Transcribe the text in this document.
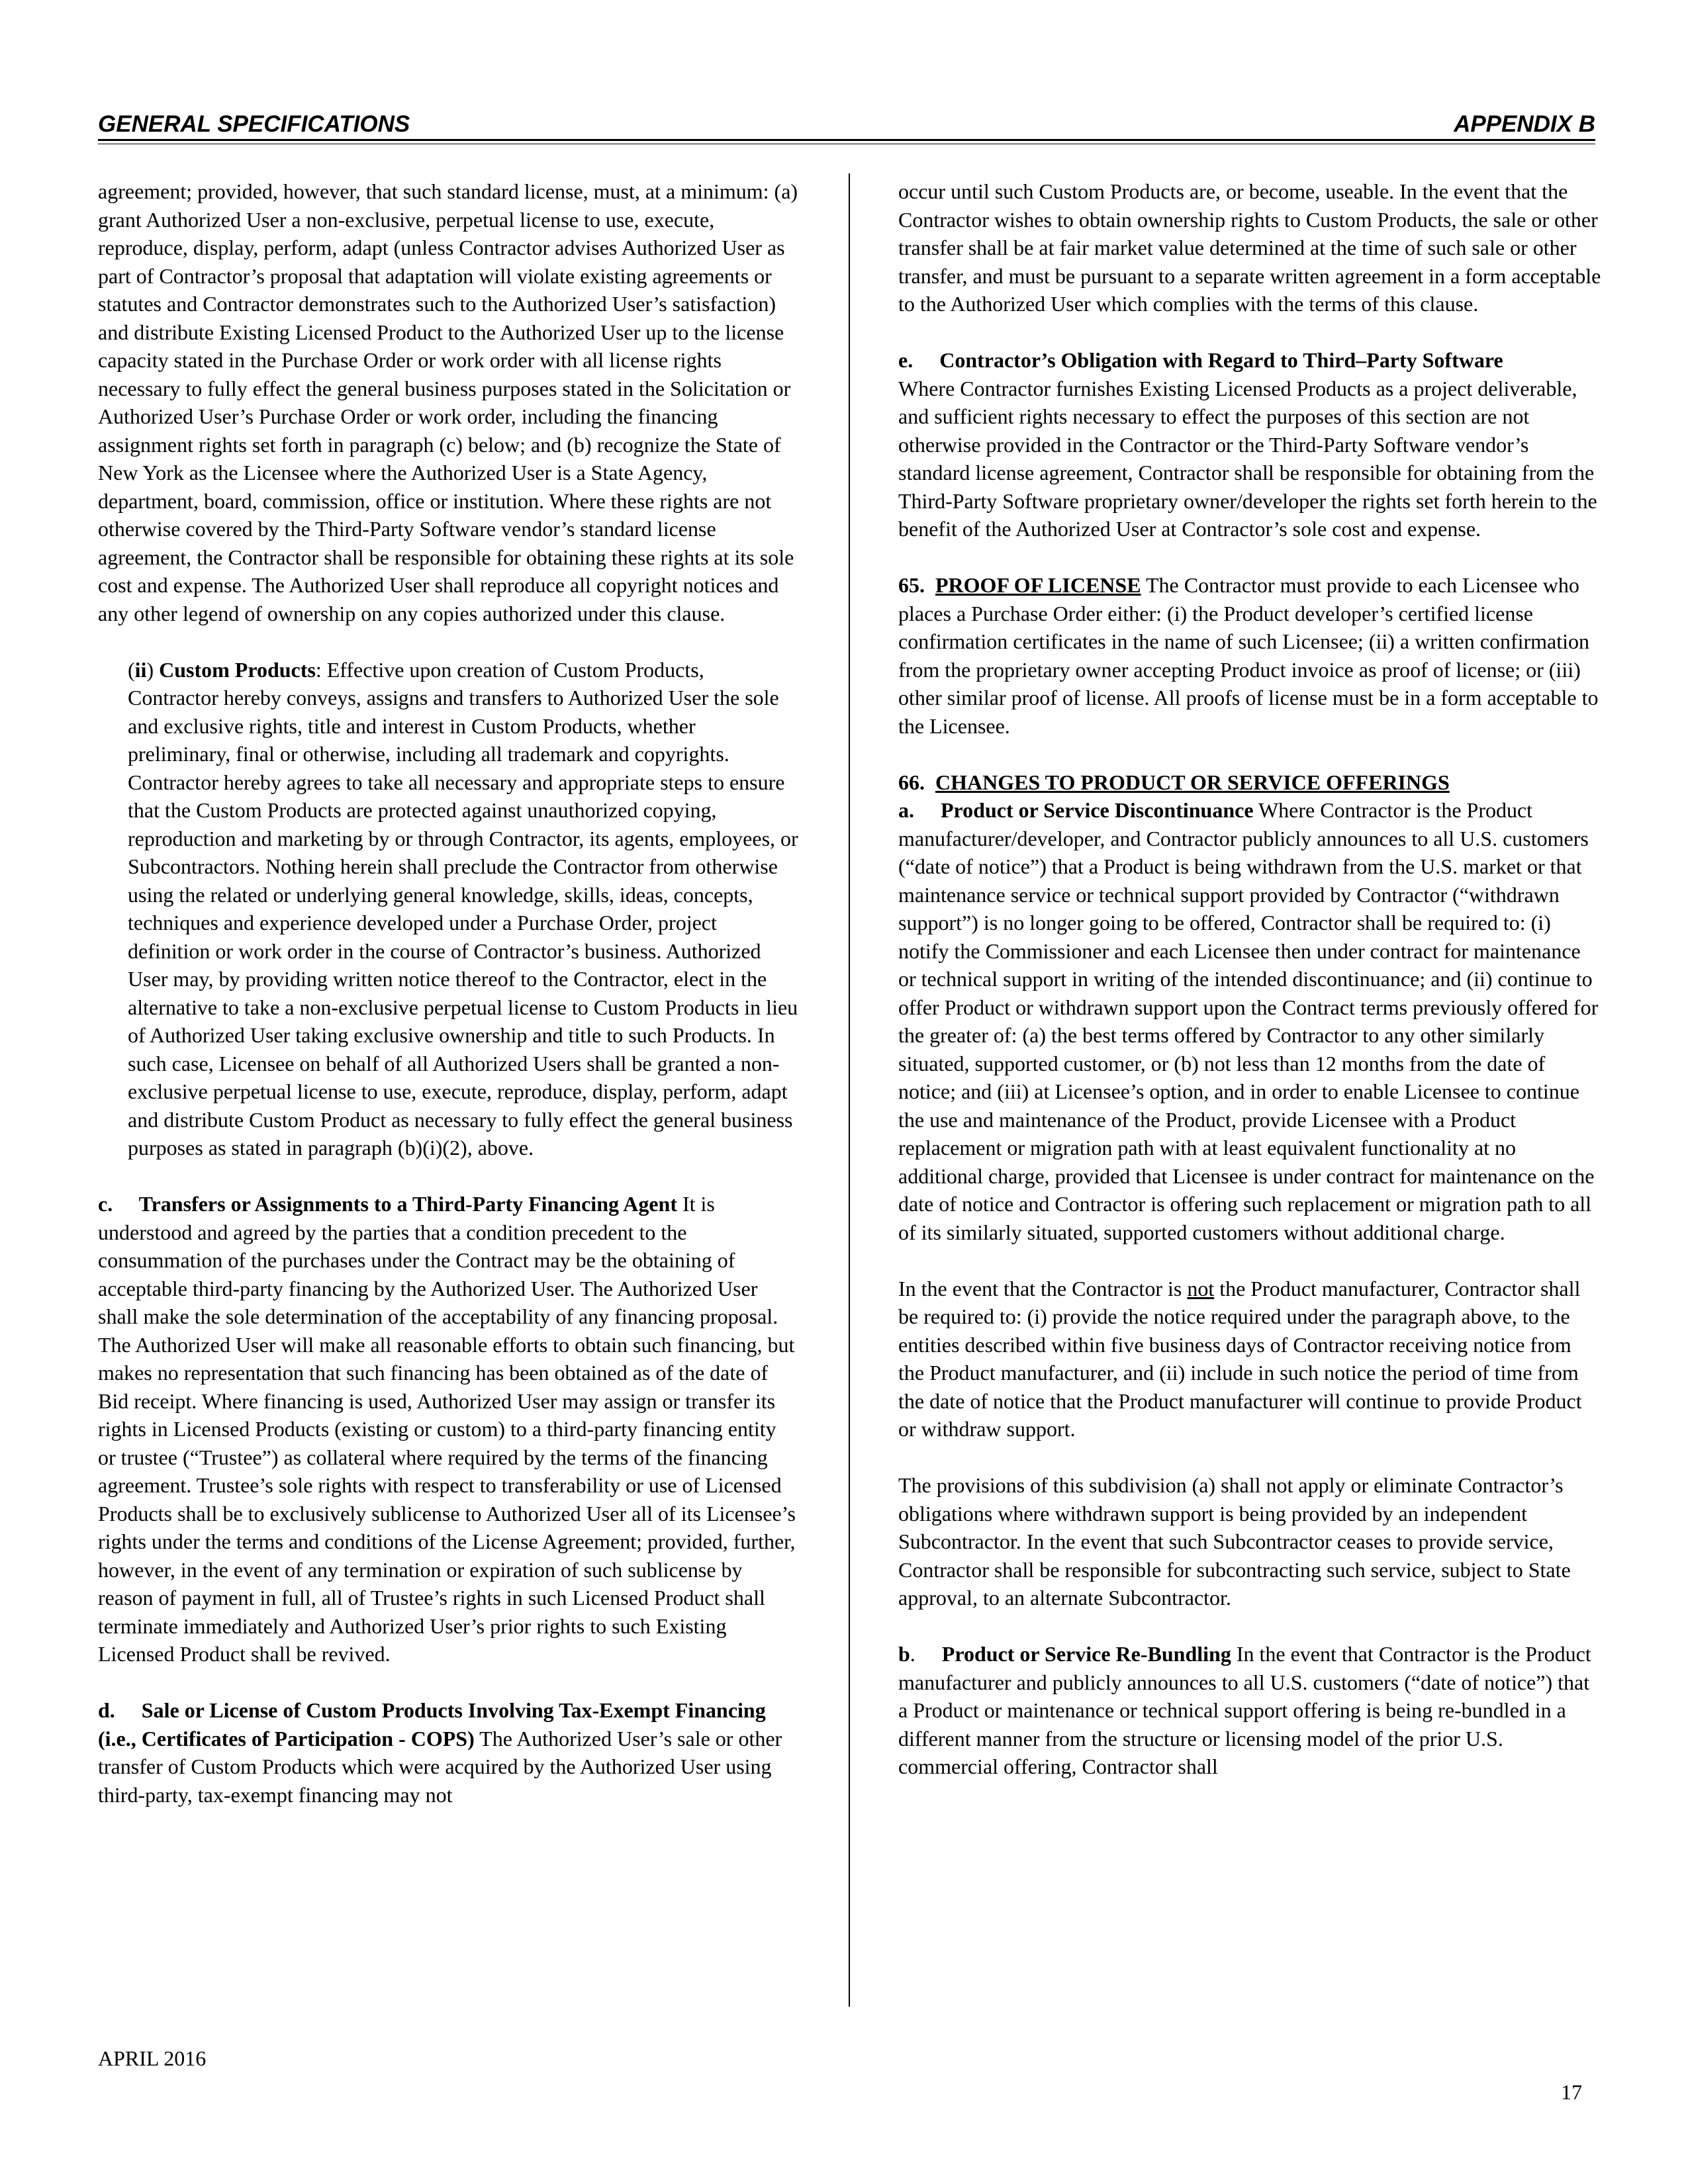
GENERAL SPECIFICATIONS	APPENDIX B

agreement; provided, however, that such standard license, must, at a minimum: (a) grant Authorized User a non-exclusive, perpetual license to use, execute, reproduce, display, perform, adapt (unless Contractor advises Authorized User as part of Contractor’s proposal that adaptation will violate existing agreements or statutes and Contractor demonstrates such to the Authorized User’s satisfaction) and distribute Existing Licensed Product to the Authorized User up to the license capacity stated in the Purchase Order or work order with all license rights necessary to fully effect the general business purposes stated in the Solicitation or Authorized User’s Purchase Order or work order, including the financing assignment rights set forth in paragraph (c) below; and (b) recognize the State of New York as the Licensee where the Authorized User is a State Agency, department, board, commission, office or institution. Where these rights are not otherwise covered by the Third-Party Software vendor’s standard license agreement, the Contractor shall be responsible for obtaining these rights at its sole cost and expense. The Authorized User shall reproduce all copyright notices and any other legend of ownership on any copies authorized under this clause.

(ii) Custom Products: Effective upon creation of Custom Products, Contractor hereby conveys, assigns and transfers to Authorized User the sole and exclusive rights, title and interest in Custom Products, whether preliminary, final or otherwise, including all trademark and copyrights. Contractor hereby agrees to take all necessary and appropriate steps to ensure that the Custom Products are protected against unauthorized copying, reproduction and marketing by or through Contractor, its agents, employees, or Subcontractors. Nothing herein shall preclude the Contractor from otherwise using the related or underlying general knowledge, skills, ideas, concepts, techniques and experience developed under a Purchase Order, project definition or work order in the course of Contractor’s business. Authorized User may, by providing written notice thereof to the Contractor, elect in the alternative to take a non-exclusive perpetual license to Custom Products in lieu of Authorized User taking exclusive ownership and title to such Products. In such case, Licensee on behalf of all Authorized Users shall be granted a non-exclusive perpetual license to use, execute, reproduce, display, perform, adapt and distribute Custom Product as necessary to fully effect the general business purposes as stated in paragraph (b)(i)(2), above.

c.     Transfers or Assignments to a Third-Party Financing Agent It is understood and agreed by the parties that a condition precedent to the consummation of the purchases under the Contract may be the obtaining of acceptable third-party financing by the Authorized User. The Authorized User shall make the sole determination of the acceptability of any financing proposal. The Authorized User will make all reasonable efforts to obtain such financing, but makes no representation that such financing has been obtained as of the date of Bid receipt. Where financing is used, Authorized User may assign or transfer its rights in Licensed Products (existing or custom) to a third-party financing entity or trustee (“Trustee”) as collateral where required by the terms of the financing agreement. Trustee’s sole rights with respect to transferability or use of Licensed Products shall be to exclusively sublicense to Authorized User all of its Licensee’s rights under the terms and conditions of the License Agreement; provided, further, however, in the event of any termination or expiration of such sublicense by reason of payment in full, all of Trustee’s rights in such Licensed Product shall terminate immediately and Authorized User’s prior rights to such Existing Licensed Product shall be revived.

d.     Sale or License of Custom Products Involving Tax-Exempt Financing (i.e., Certificates of Participation - COPS) The Authorized User’s sale or other transfer of Custom Products which were acquired by the Authorized User using third-party, tax-exempt financing may not

occur until such Custom Products are, or become, useable. In the event that the Contractor wishes to obtain ownership rights to Custom Products, the sale or other transfer shall be at fair market value determined at the time of such sale or other transfer, and must be pursuant to a separate written agreement in a form acceptable to the Authorized User which complies with the terms of this clause.

e.     Contractor’s Obligation with Regard to Third–Party Software
Where Contractor furnishes Existing Licensed Products as a project deliverable, and sufficient rights necessary to effect the purposes of this section are not otherwise provided in the Contractor or the Third-Party Software vendor’s standard license agreement, Contractor shall be responsible for obtaining from the Third-Party Software proprietary owner/developer the rights set forth herein to the benefit of the Authorized User at Contractor’s sole cost and expense.

65. PROOF OF LICENSE The Contractor must provide to each Licensee who places a Purchase Order either: (i) the Product developer’s certified license confirmation certificates in the name of such Licensee; (ii) a written confirmation from the proprietary owner accepting Product invoice as proof of license; or (iii) other similar proof of license. All proofs of license must be in a form acceptable to the Licensee.

66. CHANGES TO PRODUCT OR SERVICE OFFERINGS
a.     Product or Service Discontinuance Where Contractor is the Product manufacturer/developer, and Contractor publicly announces to all U.S. customers (“date of notice”) that a Product is being withdrawn from the U.S. market or that maintenance service or technical support provided by Contractor (“withdrawn support”) is no longer going to be offered, Contractor shall be required to: (i) notify the Commissioner and each Licensee then under contract for maintenance or technical support in writing of the intended discontinuance; and (ii) continue to offer Product or withdrawn support upon the Contract terms previously offered for the greater of: (a) the best terms offered by Contractor to any other similarly situated, supported customer, or (b) not less than 12 months from the date of notice; and (iii) at Licensee’s option, and in order to enable Licensee to continue the use and maintenance of the Product, provide Licensee with a Product replacement or migration path with at least equivalent functionality at no additional charge, provided that Licensee is under contract for maintenance on the date of notice and Contractor is offering such replacement or migration path to all of its similarly situated, supported customers without additional charge.

In the event that the Contractor is not the Product manufacturer, Contractor shall be required to: (i) provide the notice required under the paragraph above, to the entities described within five business days of Contractor receiving notice from the Product manufacturer, and (ii) include in such notice the period of time from the date of notice that the Product manufacturer will continue to provide Product or withdraw support.

The provisions of this subdivision (a) shall not apply or eliminate Contractor’s obligations where withdrawn support is being provided by an independent Subcontractor. In the event that such Subcontractor ceases to provide service, Contractor shall be responsible for subcontracting such service, subject to State approval, to an alternate Subcontractor.

b.     Product or Service Re-Bundling In the event that Contractor is the Product manufacturer and publicly announces to all U.S. customers (“date of notice”) that a Product or maintenance or technical support offering is being re-bundled in a different manner from the structure or licensing model of the prior U.S. commercial offering, Contractor shall

APRIL 2016
17
